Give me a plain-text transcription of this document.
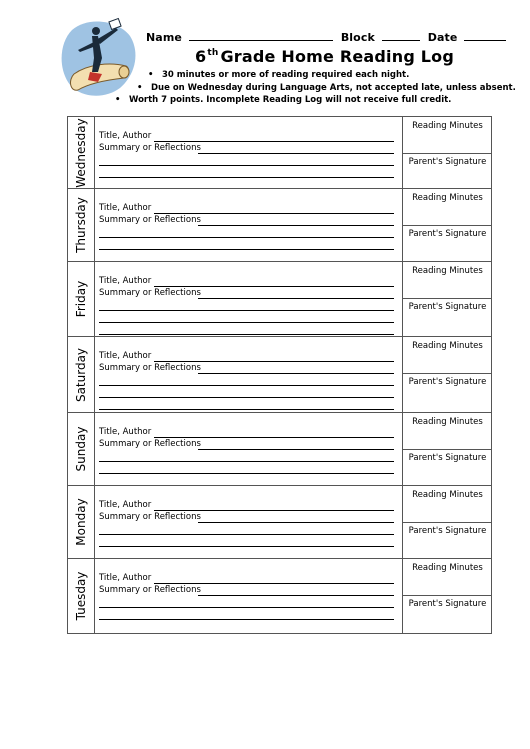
Name	Block	Date
6th Grade Home Reading Log
• 30 minutes or more of reading required each night.
• Due on Wednesday during Language Arts, not accepted late, unless absent.
• Worth 7 points. Incomplete Reading Log will not receive full credit.
Wednesday Title, Author
Summary or Reflections
Reading Minutes
Parent's Signature
Thursday Title, Author
Summary or Reflections
Reading Minutes
Parent's Signature
Friday Title, Author
Summary or Reflections
Reading Minutes
Parent's Signature
Saturday Title, Author
Summary or Reflections
Reading Minutes
Parent's Signature
Sunday Title, Author
Summary or Reflections
Reading Minutes
Parent's Signature
Monday Title, Author
Summary or Reflections
Reading Minutes
Parent's Signature
Tuesday Title, Author
Summary or Reflections
Reading Minutes
Parent's Signature
